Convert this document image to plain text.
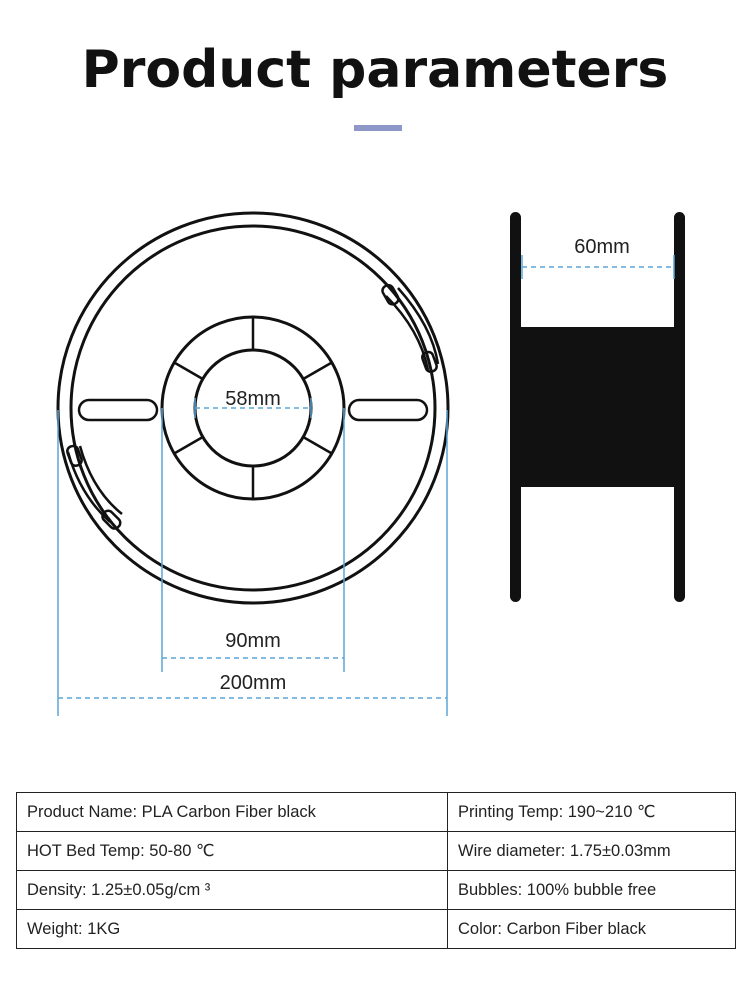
Product parameters
58mm
90mm
200mm
60mm
Product Name: PLA Carbon Fiber black	Printing Temp: 190~210 ℃
HOT Bed Temp: 50-80 ℃	Wire diameter: 1.75±0.03mm
Density: 1.25±0.05g/cm ³	Bubbles: 100% bubble free
Weight: 1KG	Color: Carbon Fiber black
